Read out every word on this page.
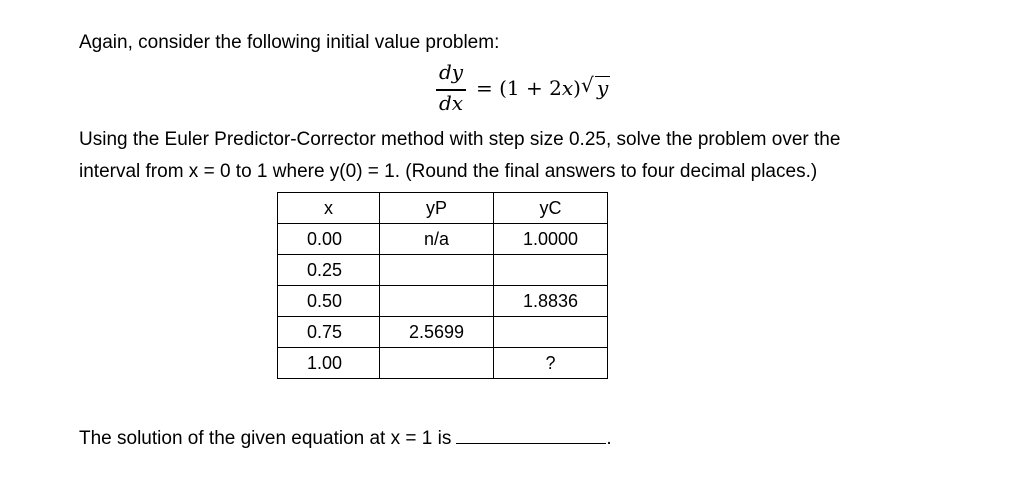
Again, consider the following initial value problem:
dy
dx
= (1 + 2x) √ y
Using the Euler Predictor-Corrector method with step size 0.25, solve the problem over the
interval from x = 0 to 1 where y(0) = 1. (Round the final answers to four decimal places.)
x	yP	yC
0.00	n/a	1.0000
0.25		
0.50		1.8836
0.75	2.5699	
1.00		?
The solution of the given equation at x = 1 is	.
